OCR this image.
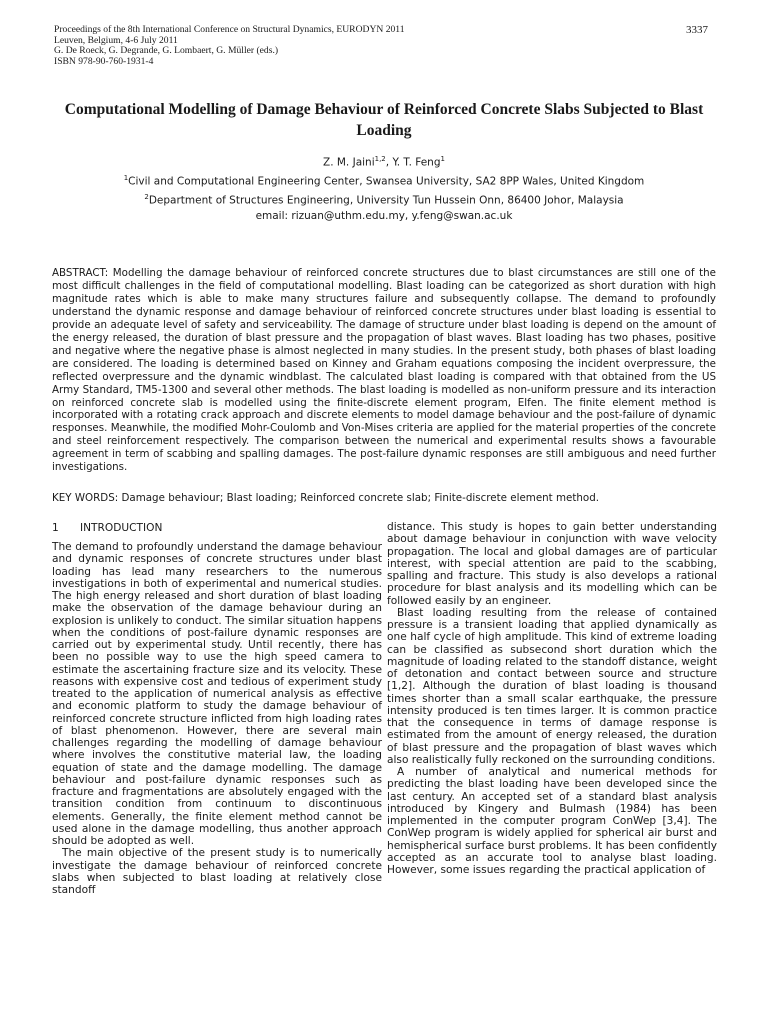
Proceedings of the 8th International Conference on Structural Dynamics, EURODYN 2011
Leuven, Belgium, 4-6 July 2011
G. De Roeck, G. Degrande, G. Lombaert, G. Müller (eds.)
ISBN 978-90-760-1931-4
3337
Computational Modelling of Damage Behaviour of Reinforced Concrete Slabs Subjected to Blast Loading
Z. M. Jaini$^{1,2}$, Y. T. Feng$^1$
$^1$Civil and Computational Engineering Center, Swansea University, SA2 8PP Wales, United Kingdom
$^2$Department of Structures Engineering, University Tun Hussein Onn, 86400 Johor, Malaysia
email: rizuan@uthm.edu.my, y.feng@swan.ac.uk

ABSTRACT: Modelling the damage behaviour of reinforced concrete structures due to blast circumstances are still one of the most difficult challenges in the field of computational modelling. Blast loading can be categorized as short duration with high magnitude rates which is able to make many structures failure and subsequently collapse. The demand to profoundly understand the dynamic response and damage behaviour of reinforced concrete structures under blast loading is essential to provide an adequate level of safety and serviceability. The damage of structure under blast loading is depend on the amount of the energy released, the duration of blast pressure and the propagation of blast waves. Blast loading has two phases, positive and negative where the negative phase is almost neglected in many studies. In the present study, both phases of blast loading are considered. The loading is determined based on Kinney and Graham equations composing the incident overpressure, the reflected overpressure and the dynamic windblast. The calculated blast loading is compared with that obtained from the US Army Standard, TM5-1300 and several other methods. The blast loading is modelled as non-uniform pressure and its interaction on reinforced concrete slab is modelled using the finite-discrete element program, Elfen. The finite element method is incorporated with a rotating crack approach and discrete elements to model damage behaviour and the post-failure of dynamic responses. Meanwhile, the modified Mohr-Coulomb and Von-Mises criteria are applied for the material properties of the concrete and steel reinforcement respectively. The comparison between the numerical and experimental results shows a favourable agreement in term of scabbing and spalling damages. The post-failure dynamic responses are still ambiguous and need further investigations.

KEY WORDS: Damage behaviour; Blast loading; Reinforced concrete slab; Finite-discrete element method.

1 INTRODUCTION

The demand to profoundly understand the damage behaviour and dynamic responses of concrete structures under blast loading has lead many researchers to the numerous investigations in both of experimental and numerical studies. The high energy released and short duration of blast loading make the observation of the damage behaviour during an explosion is unlikely to conduct. The similar situation happens when the conditions of post-failure dynamic responses are carried out by experimental study. Until recently, there has been no possible way to use the high speed camera to estimate the ascertaining fracture size and its velocity. These reasons with expensive cost and tedious of experiment study treated to the application of numerical analysis as effective and economic platform to study the damage behaviour of reinforced concrete structure inflicted from high loading rates of blast phenomenon. However, there are several main challenges regarding the modelling of damage behaviour where involves the constitutive material law, the loading equation of state and the damage modelling. The damage behaviour and post-failure dynamic responses such as fracture and fragmentations are absolutely engaged with the transition condition from continuum to discontinuous elements. Generally, the finite element method cannot be used alone in the damage modelling, thus another approach should be adopted as well.

The main objective of the present study is to numerically investigate the damage behaviour of reinforced concrete slabs when subjected to blast loading at relatively close standoff

distance. This study is hopes to gain better understanding about damage behaviour in conjunction with wave velocity propagation. The local and global damages are of particular interest, with special attention are paid to the scabbing, spalling and fracture. This study is also develops a rational procedure for blast analysis and its modelling which can be followed easily by an engineer.

Blast loading resulting from the release of contained pressure is a transient loading that applied dynamically as one half cycle of high amplitude. This kind of extreme loading can be classified as subsecond short duration which the magnitude of loading related to the standoff distance, weight of detonation and contact between source and structure [1,2]. Although the duration of blast loading is thousand times shorter than a small scalar earthquake, the pressure intensity produced is ten times larger. It is common practice that the consequence in terms of damage response is estimated from the amount of energy released, the duration of blast pressure and the propagation of blast waves which also realistically fully reckoned on the surrounding conditions.

A number of analytical and numerical methods for predicting the blast loading have been developed since the last century. An accepted set of a standard blast analysis introduced by Kingery and Bulmash (1984) has been implemented in the computer program ConWep [3,4]. The ConWep program is widely applied for spherical air burst and hemispherical surface burst problems. It has been confidently accepted as an accurate tool to analyse blast loading. However, some issues regarding the practical application of
